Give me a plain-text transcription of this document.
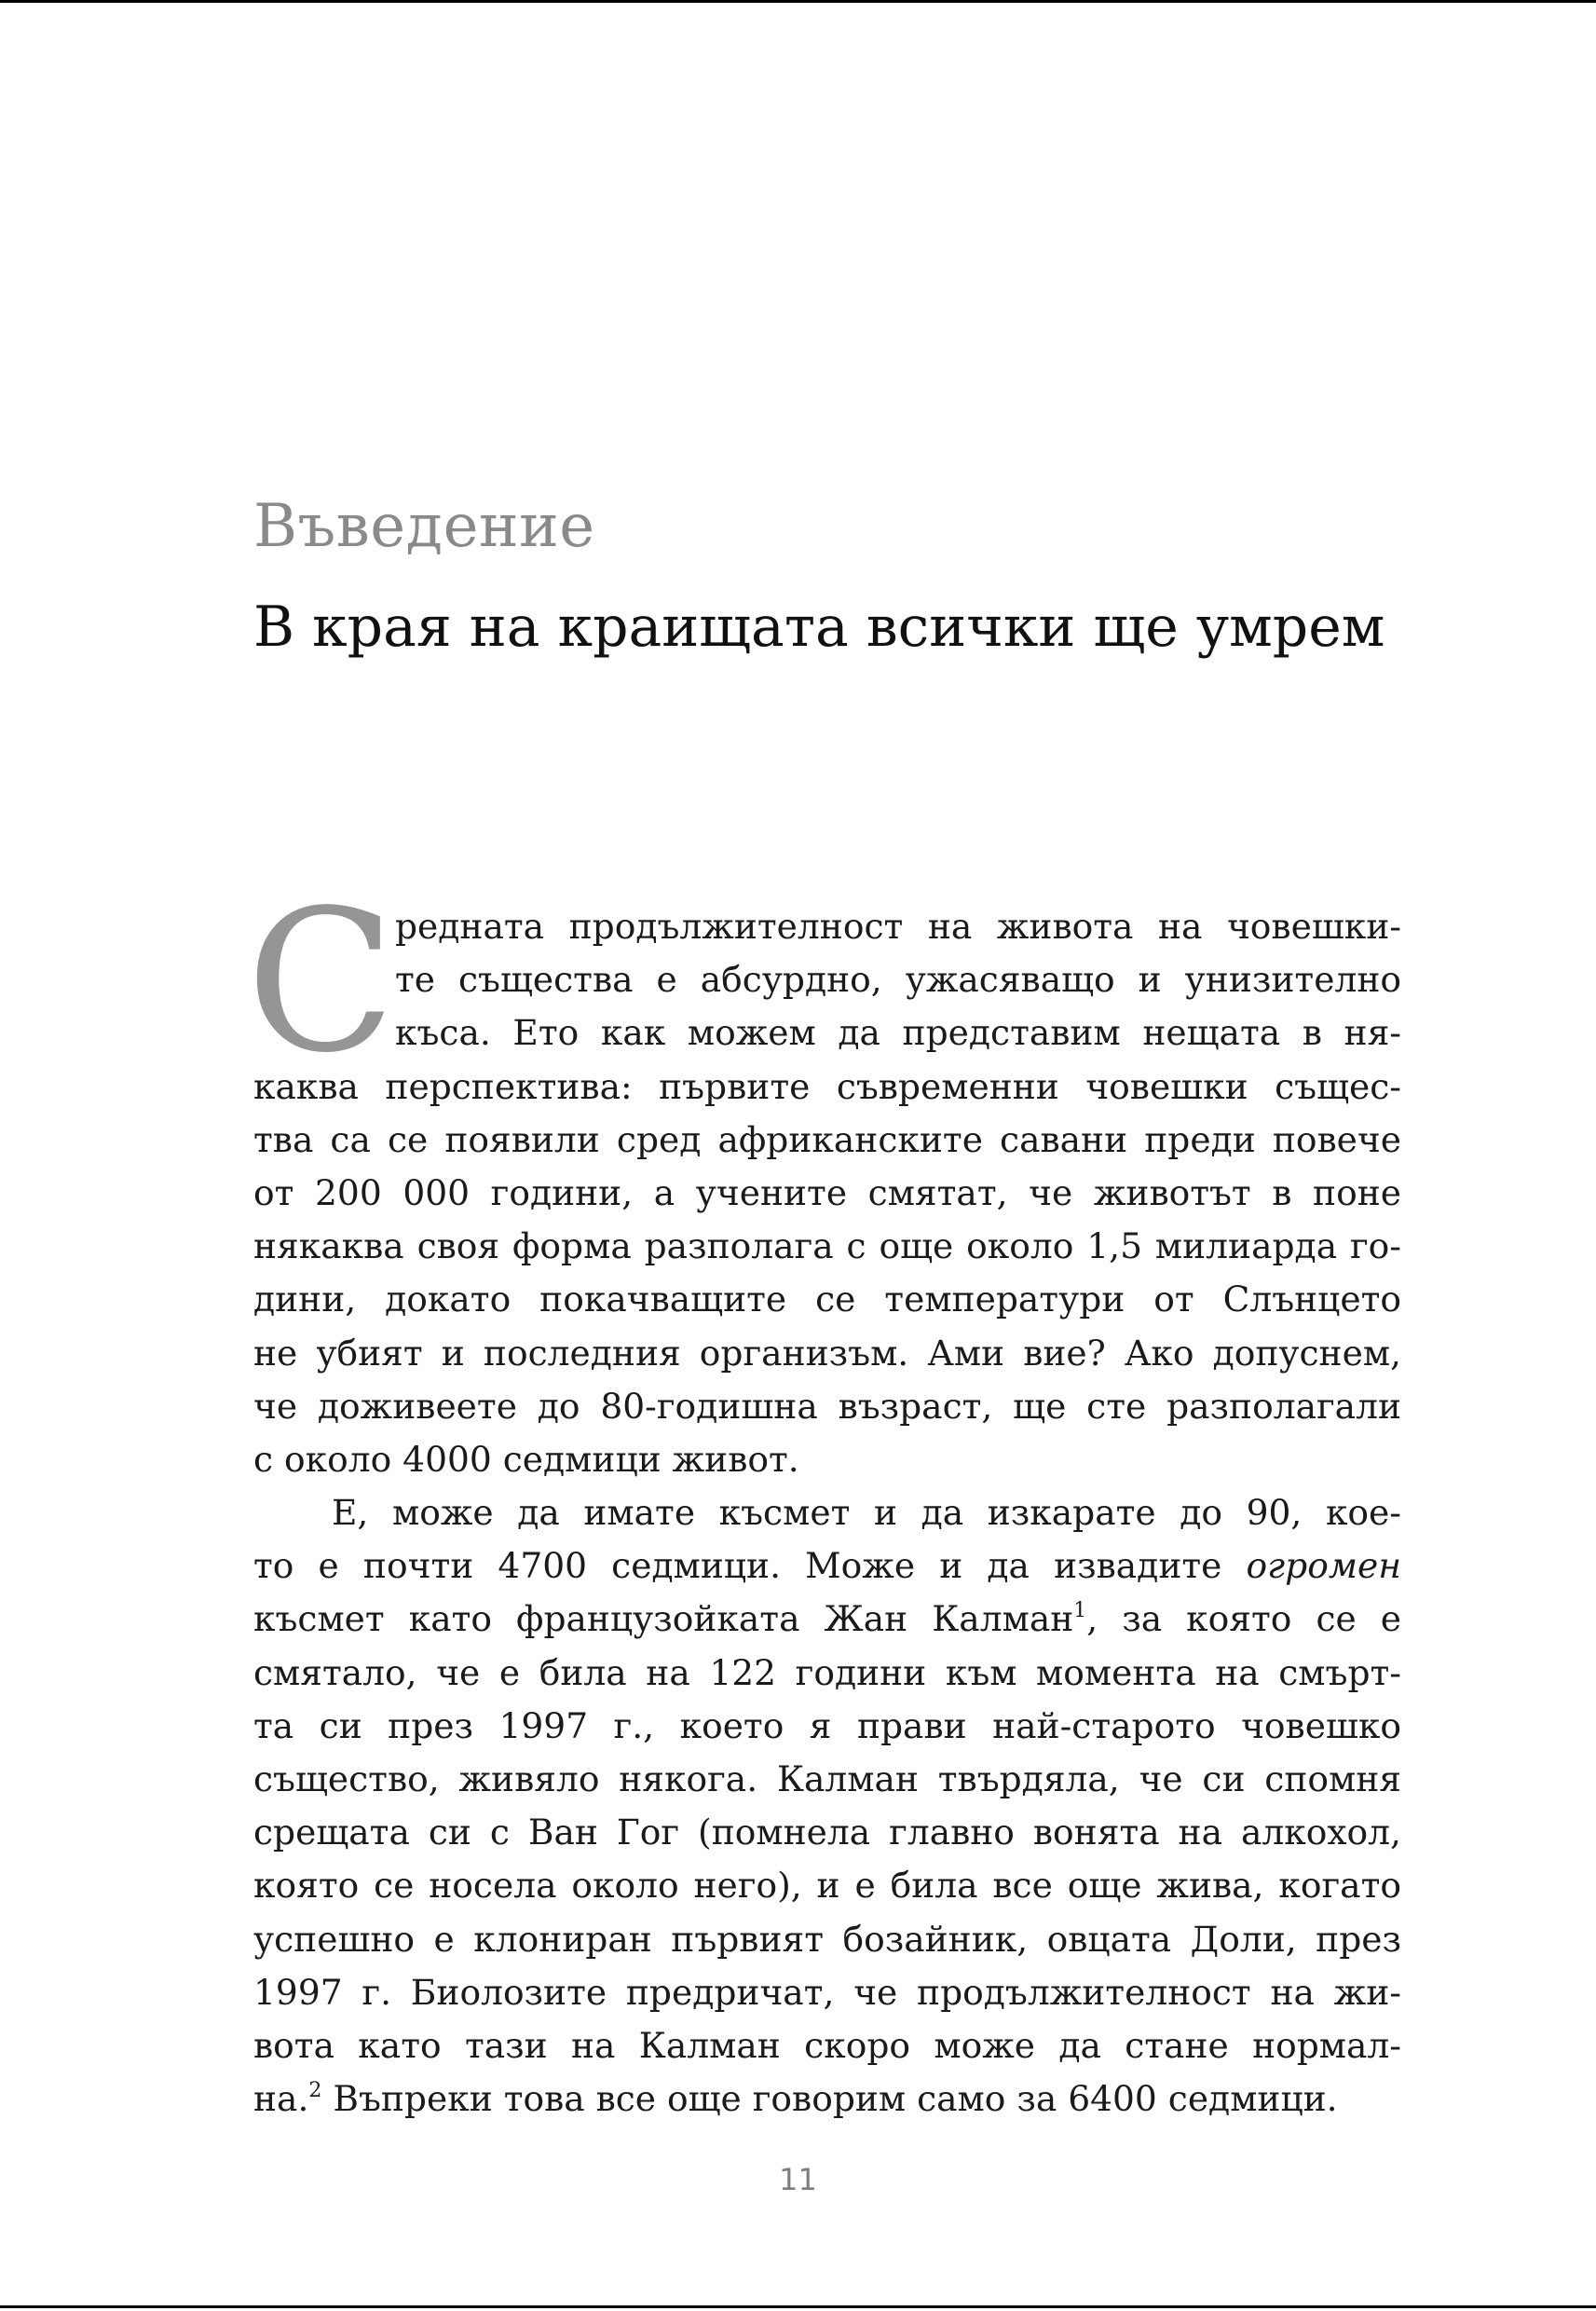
Въведение
В края на краищата всички ще умрем
С редната продължителност на живота на човешки-
те същества е абсурдно, ужасяващо и унизително
къса. Ето как можем да представим нещата в ня-
каква перспектива: първите съвременни човешки същес-
тва са се появили сред африканските савани преди повече
от 200 000 години, а учените смятат, че животът в поне
някаква своя форма разполага с още около 1,5 милиарда го-
дини, докато покачващите се температури от Слънцето
не убият и последния организъм. Ами вие? Ако допуснем,
че доживеете до 80-годишна възраст, ще сте разполагали
с около 4000 седмици живот.
Е, може да имате късмет и да изкарате до 90, кое-
то е почти 4700 седмици. Може и да извадите огромен
късмет като французойката Жан Калман$^1$, за която се е
смятало, че е била на 122 години към момента на смърт-
та си през 1997 г., което я прави най-старото човешко
същество, живяло някога. Калман твърдяла, че си спомня
срещата си с Ван Гог (помнела главно вонята на алкохол,
която се носела около него), и е била все още жива, когато
успешно е клониран първият бозайник, овцата Доли, през
1997 г. Биолозите предричат, че продължителност на жи-
вота като тази на Калман скоро може да стане нормал-
на.$^2$ Въпреки това все още говорим само за 6400 седмици.
11
